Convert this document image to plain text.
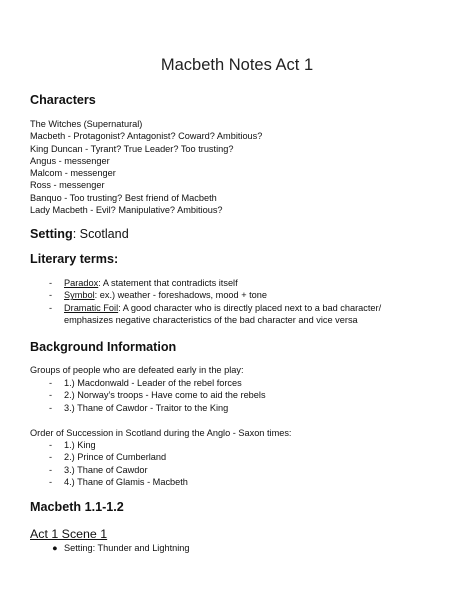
Macbeth Notes Act 1
Characters
The Witches (Supernatural)
Macbeth - Protagonist? Antagonist? Coward? Ambitious?
King Duncan - Tyrant? True Leader? Too trusting?
Angus - messenger
Malcom - messenger
Ross - messenger
Banquo - Too trusting? Best friend of Macbeth
Lady Macbeth - Evil? Manipulative? Ambitious?
Setting: Scotland
Literary terms:
- Paradox: A statement that contradicts itself
- Symbol: ex.) weather - foreshadows, mood + tone
- Dramatic Foil: A good character who is directly placed next to a bad character/
emphasizes negative characteristics of the bad character and vice versa
Background Information
Groups of people who are defeated early in the play:
- 1.) Macdonwald - Leader of the rebel forces
- 2.) Norway’s troops - Have come to aid the rebels
- 3.) Thane of Cawdor - Traitor to the King
Order of Succession in Scotland during the Anglo - Saxon times:
- 1.) King
- 2.) Prince of Cumberland
- 3.) Thane of Cawdor
- 4.) Thane of Glamis - Macbeth
Macbeth 1.1-1.2
Act 1 Scene 1
● Setting: Thunder and Lightning
